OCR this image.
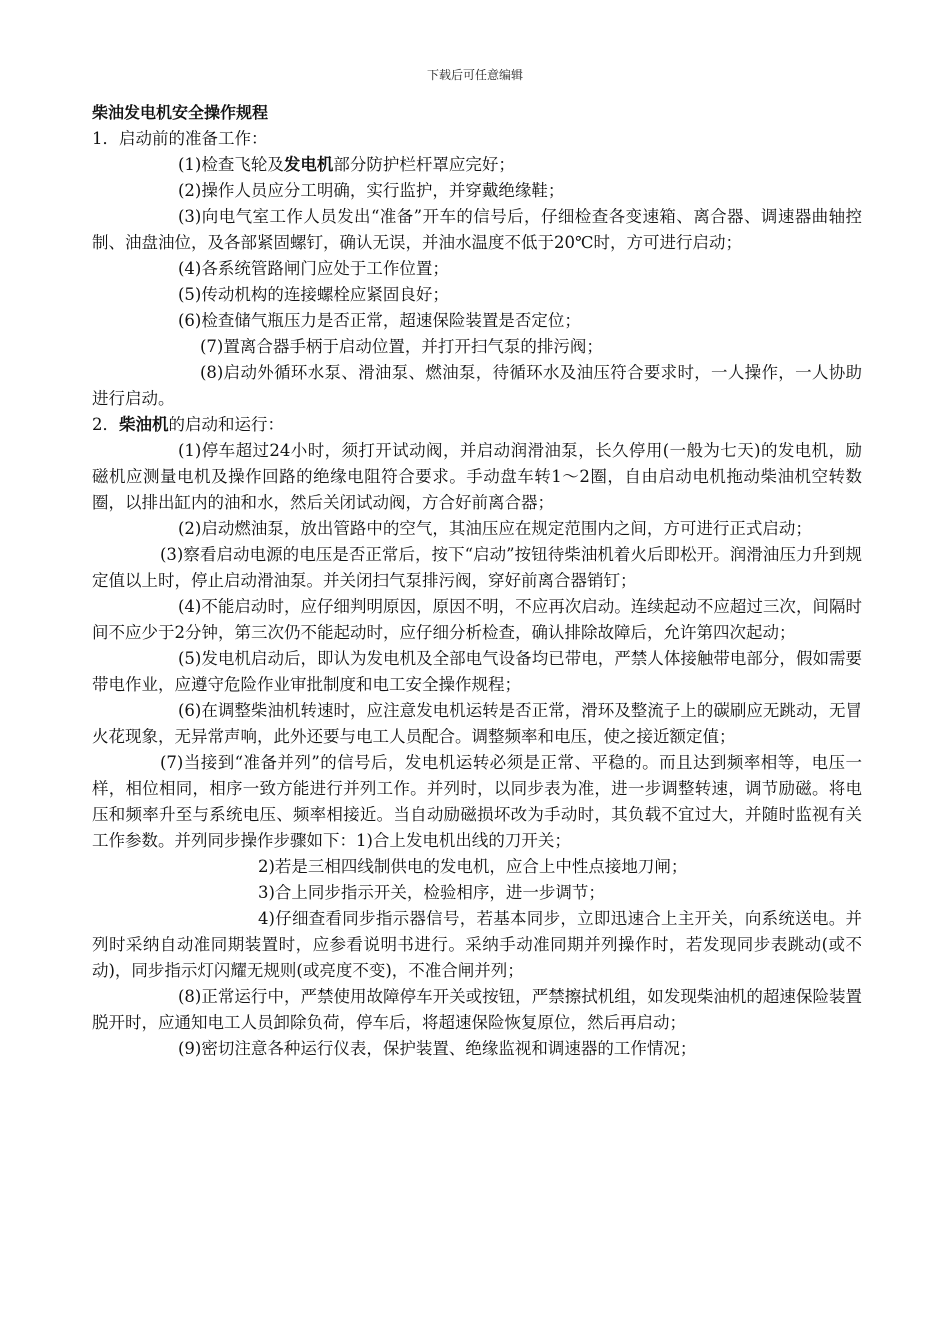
下载后可任意编辑

柴油发电机安全操作规程

1．启动前的准备工作：

(1)检查飞轮及发电机部分防护栏杆罩应完好；

(2)操作人员应分工明确，实行监护，并穿戴绝缘鞋；

(3)向电气室工作人员发出“准备”开车的信号后，仔细检查各变速箱、离合器、调速器曲轴控制、油盘油位，及各部紧固螺钉，确认无误，并油水温度不低于20℃时，方可进行启动；

(4)各系统管路闸门应处于工作位置；

(5)传动机构的连接螺栓应紧固良好；

(6)检查储气瓶压力是否正常，超速保险装置是否定位；

(7)置离合器手柄于启动位置，并打开扫气泵的排污阀；

(8)启动外循环水泵、滑油泵、燃油泵，待循环水及油压符合要求时，一人操作，一人协助进行启动。

2．柴油机的启动和运行：

(1)停车超过24小时，须打开试动阀，并启动润滑油泵，长久停用(一般为七天)的发电机，励磁机应测量电机及操作回路的绝缘电阻符合要求。手动盘车转1～2圈，自由启动电机拖动柴油机空转数圈，以排出缸内的油和水，然后关闭试动阀，方合好前离合器；

(2)启动燃油泵，放出管路中的空气，其油压应在规定范围内之间，方可进行正式启动；

(3)察看启动电源的电压是否正常后，按下“启动”按钮待柴油机着火后即松开。润滑油压力升到规定值以上时，停止启动滑油泵。并关闭扫气泵排污阀，穿好前离合器销钉；

(4)不能启动时，应仔细判明原因，原因不明，不应再次启动。连续起动不应超过三次，间隔时间不应少于2分钟，第三次仍不能起动时，应仔细分析检查，确认排除故障后，允许第四次起动；

(5)发电机启动后，即认为发电机及全部电气设备均已带电，严禁人体接触带电部分，假如需要带电作业，应遵守危险作业审批制度和电工安全操作规程；

(6)在调整柴油机转速时，应注意发电机运转是否正常，滑环及整流子上的碳刷应无跳动，无冒火花现象，无异常声响，此外还要与电工人员配合。调整频率和电压，使之接近额定值；

(7)当接到“准备并列”的信号后，发电机运转必须是正常、平稳的。而且达到频率相等，电压一样，相位相同，相序一致方能进行并列工作。并列时，以同步表为准，进一步调整转速，调节励磁。将电压和频率升至与系统电压、频率相接近。当自动励磁损坏改为手动时，其负载不宜过大，并随时监视有关工作参数。并列同步操作步骤如下：1)合上发电机出线的刀开关；

2)若是三相四线制供电的发电机，应合上中性点接地刀闸；

3)合上同步指示开关，检验相序，进一步调节；

4)仔细查看同步指示器信号，若基本同步，立即迅速合上主开关，向系统送电。并列时采纳自动准同期装置时，应参看说明书进行。采纳手动准同期并列操作时，若发现同步表跳动(或不动)，同步指示灯闪耀无规则(或亮度不变)，不准合闸并列；

(8)正常运行中，严禁使用故障停车开关或按钮，严禁擦拭机组，如发现柴油机的超速保险装置脱开时，应通知电工人员卸除负荷，停车后，将超速保险恢复原位，然后再启动；

(9)密切注意各种运行仪表，保护装置、绝缘监视和调速器的工作情况；
